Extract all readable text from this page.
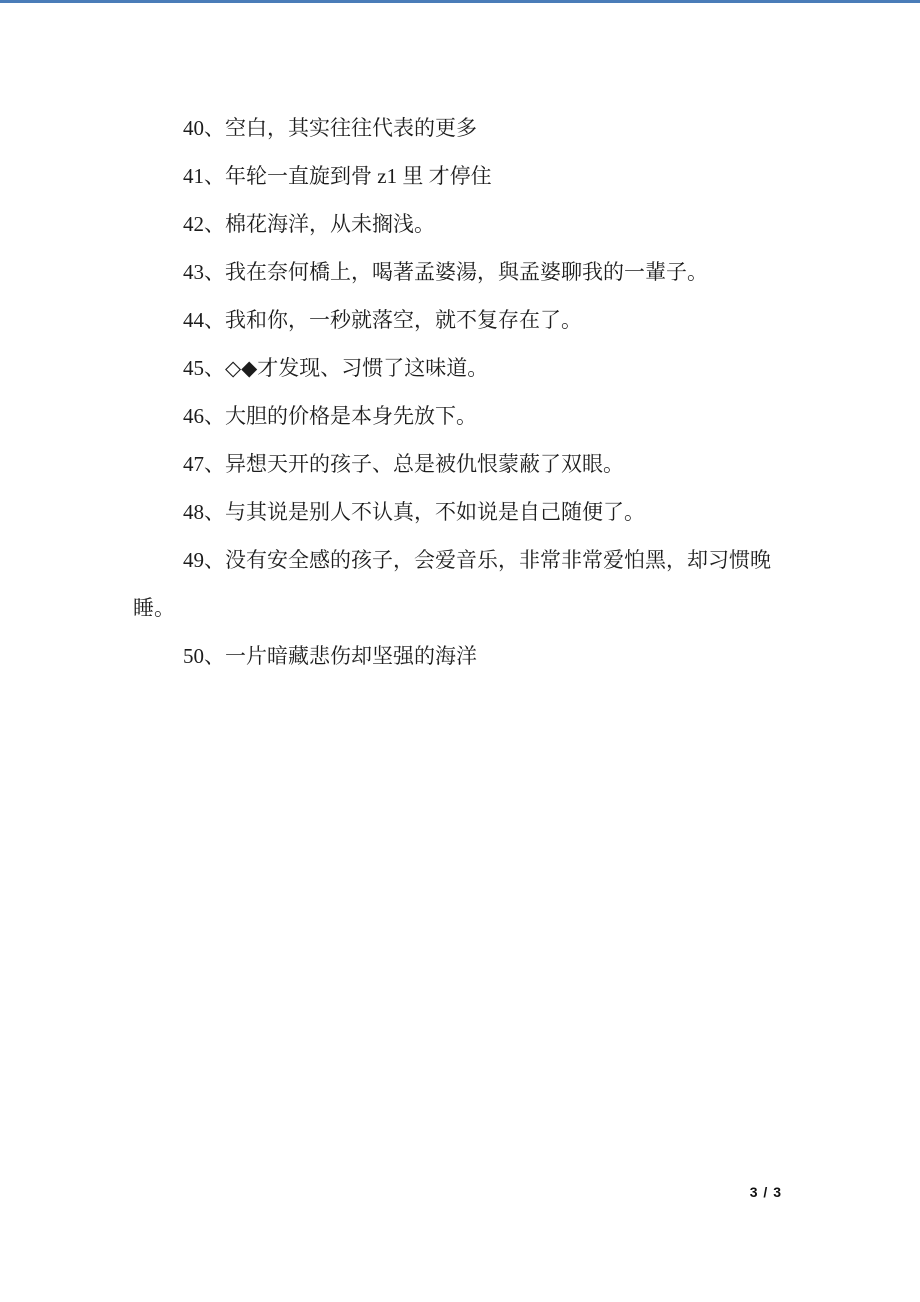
40、空白，其实往往代表的更多

41、年轮一直旋到骨 z1 里 才停住

42、棉花海洋，从未搁浅。

43、我在奈何橋上，喝著孟婆湯，與孟婆聊我的一輩子。

44、我和你，一秒就落空，就不复存在了。

45、◇◆才发现、习惯了这味道。

46、大胆的价格是本身先放下。

47、异想天开的孩子、总是被仇恨蒙蔽了双眼。

48、与其说是别人不认真，不如说是自己随便了。

49、没有安全感的孩子，会爱音乐，非常非常爱怕黑，却习惯晚
睡。

50、一片暗藏悲伤却坚强的海洋

3 / 3
